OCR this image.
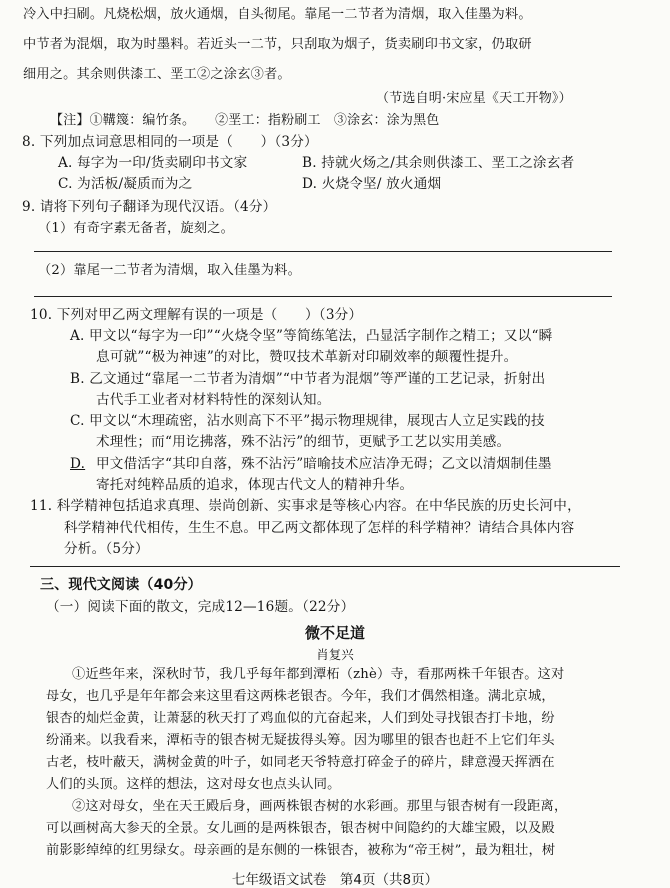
冷入中扫刷。凡烧松烟，放火通烟，自头彻尾。靠尾一二节者为清烟，取入佳墨为料。
中节者为混烟，取为时墨料。若近头一二节，只刮取为烟子，货卖刷印书文家，仍取研
细用之。其余则供漆工、垩工②之涂玄③者。
（节选自明·宋应星《天工开物》）
【注】①鞲篾：编竹条。　　②垩工：指粉刷工　③涂玄：涂为黑色
8. 下列加点词意思相同的一项是（　　）（3分）
A. 每字为一印/货卖刷印书文家	B. 持就火炀之/其余则供漆工、垩工之涂玄者
C. 为活板/凝质而为之	D. 火烧令坚/ 放火通烟
9. 请将下列句子翻译为现代汉语。（4分）
（1）有奇字素无备者，旋刻之。
（2）靠尾一二节者为清烟，取入佳墨为料。
10. 下列对甲乙两文理解有误的一项是（　　）（3分）
A. 甲文以“每字为一印”“火烧令坚”等简练笔法，凸显活字制作之精工；又以“瞬
息可就”“极为神速”的对比，赞叹技术革新对印刷效率的颠覆性提升。
B. 乙文通过“靠尾一二节者为清烟”“中节者为混烟”等严谨的工艺记录，折射出
古代手工业者对材料特性的深刻认知。
C. 甲文以“木理疏密，沾水则高下不平”揭示物理规律，展现古人立足实践的技
术理性；而“用讫拂落，殊不沾污”的细节，更赋予工艺以实用美感。
D. 甲文借活字“其印自落，殊不沾污”暗喻技术应洁净无碍；乙文以清烟制佳墨
寄托对纯粹品质的追求，体现古代文人的精神升华。
11. 科学精神包括追求真理、崇尚创新、实事求是等核心内容。在中华民族的历史长河中，
科学精神代代相传，生生不息。甲乙两文都体现了怎样的科学精神？请结合具体内容
分析。（5分）
三、现代文阅读（40分）
（一）阅读下面的散文，完成12—16题。（22分）
微不足道
肖复兴
①近些年来，深秋时节，我几乎每年都到潭柘（zhè）寺，看那两株千年银杏。这对
母女，也几乎是年年都会来这里看这两株老银杏。今年，我们才偶然相逢。满北京城，
银杏的灿烂金黄，让萧瑟的秋天打了鸡血似的亢奋起来，人们到处寻找银杏打卡地，纷
纷涌来。以我看来，潭柘寺的银杏树无疑拔得头筹。因为哪里的银杏也赶不上它们年头
古老，枝叶蔽天，满树金黄的叶子，如同老天爷特意打碎金子的碎片，肆意漫天挥洒在
人们的头顶。这样的想法，这对母女也点头认同。
②这对母女，坐在天王殿后身，画两株银杏树的水彩画。那里与银杏树有一段距离，
可以画树高大参天的全景。女儿画的是两株银杏，银杏树中间隐约的大雄宝殿，以及殿
前影影绰绰的红男绿女。母亲画的是东侧的一株银杏，被称为“帝王树”，最为粗壮，树
七年级语文试卷　第4页（共8页）
